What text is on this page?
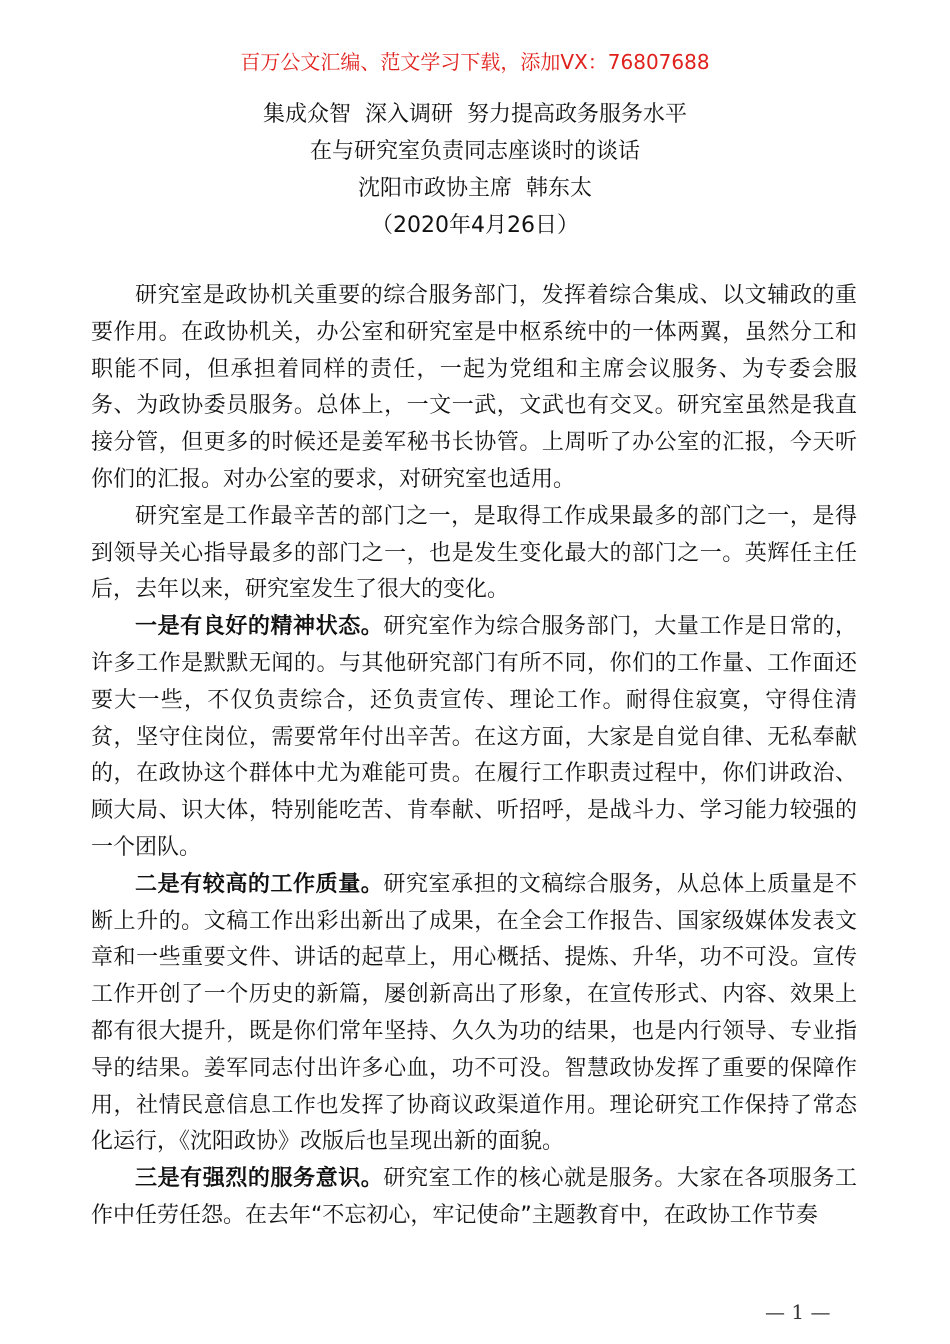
百万公文汇编、范文学习下载，添加VX：76807688
集成众智  深入调研  努力提高政务服务水平
在与研究室负责同志座谈时的谈话
沈阳市政协主席  韩东太
（2020年4月26日）
研究室是政协机关重要的综合服务部门，发挥着综合集成、以文辅政的重
要作用。在政协机关，办公室和研究室是中枢系统中的一体两翼，虽然分工和
职能不同，但承担着同样的责任，一起为党组和主席会议服务、为专委会服
务、为政协委员服务。总体上，一文一武，文武也有交叉。研究室虽然是我直
接分管，但更多的时候还是姜军秘书长协管。上周听了办公室的汇报，今天听
你们的汇报。对办公室的要求，对研究室也适用。
研究室是工作最辛苦的部门之一，是取得工作成果最多的部门之一，是得
到领导关心指导最多的部门之一，也是发生变化最大的部门之一。英辉任主任
后，去年以来，研究室发生了很大的变化。
一是有良好的精神状态。研究室作为综合服务部门，大量工作是日常的，
许多工作是默默无闻的。与其他研究部门有所不同，你们的工作量、工作面还
要大一些，不仅负责综合，还负责宣传、理论工作。耐得住寂寞，守得住清
贫，坚守住岗位，需要常年付出辛苦。在这方面，大家是自觉自律、无私奉献
的，在政协这个群体中尤为难能可贵。在履行工作职责过程中，你们讲政治、
顾大局、识大体，特别能吃苦、肯奉献、听招呼，是战斗力、学习能力较强的
一个团队。
二是有较高的工作质量。研究室承担的文稿综合服务，从总体上质量是不
断上升的。文稿工作出彩出新出了成果，在全会工作报告、国家级媒体发表文
章和一些重要文件、讲话的起草上，用心概括、提炼、升华，功不可没。宣传
工作开创了一个历史的新篇，屡创新高出了形象，在宣传形式、内容、效果上
都有很大提升，既是你们常年坚持、久久为功的结果，也是内行领导、专业指
导的结果。姜军同志付出许多心血，功不可没。智慧政协发挥了重要的保障作
用，社情民意信息工作也发挥了协商议政渠道作用。理论研究工作保持了常态
化运行，《沈阳政协》改版后也呈现出新的面貌。
三是有强烈的服务意识。研究室工作的核心就是服务。大家在各项服务工
作中任劳任怨。在去年“不忘初心，牢记使命”主题教育中，在政协工作节奏
— 1 —
